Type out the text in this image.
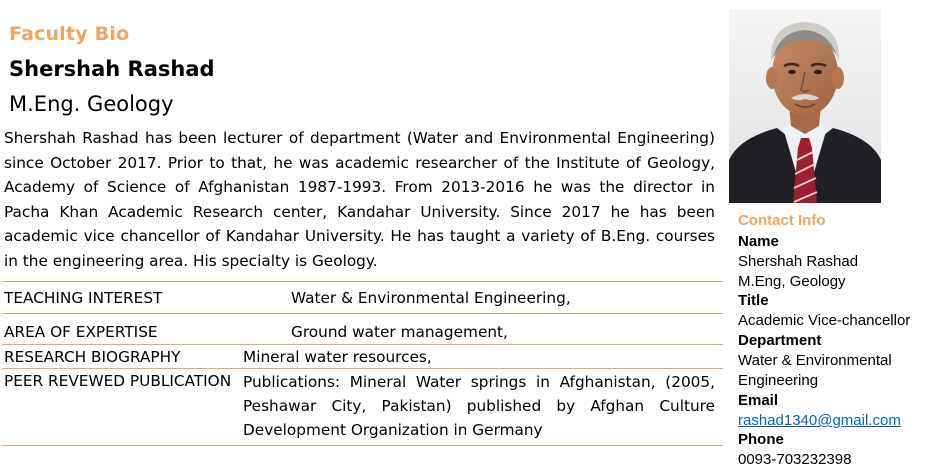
Faculty Bio
Shershah Rashad
M.Eng. Geology

Shershah Rashad has been lecturer of department (Water and Environmental Engineering) since October 2017. Prior to that, he was academic researcher of the Institute of Geology, Academy of Science of Afghanistan 1987-1993. From 2013-2016 he was the director in Pacha Khan Academic Research center, Kandahar University. Since 2017 he has been academic vice chancellor of Kandahar University. He has taught a variety of B.Eng. courses in the engineering area. His specialty is Geology.

TEACHING INTEREST	Water & Environmental Engineering,
AREA OF EXPERTISE	Ground water management,
RESEARCH BIOGRAPHY	Mineral water resources,
PEER REVEWED PUBLICATION Publications: Mineral Water springs in Afghanistan, (2005, Peshawar City, Pakistan) published by Afghan Culture Development Organization in Germany

Contact Info
Name
Shershah Rashad
M.Eng, Geology
Title
Academic Vice-chancellor
Department
Water & Environmental
Engineering
Email
rashad1340@gmail.com
Phone
0093-703232398
